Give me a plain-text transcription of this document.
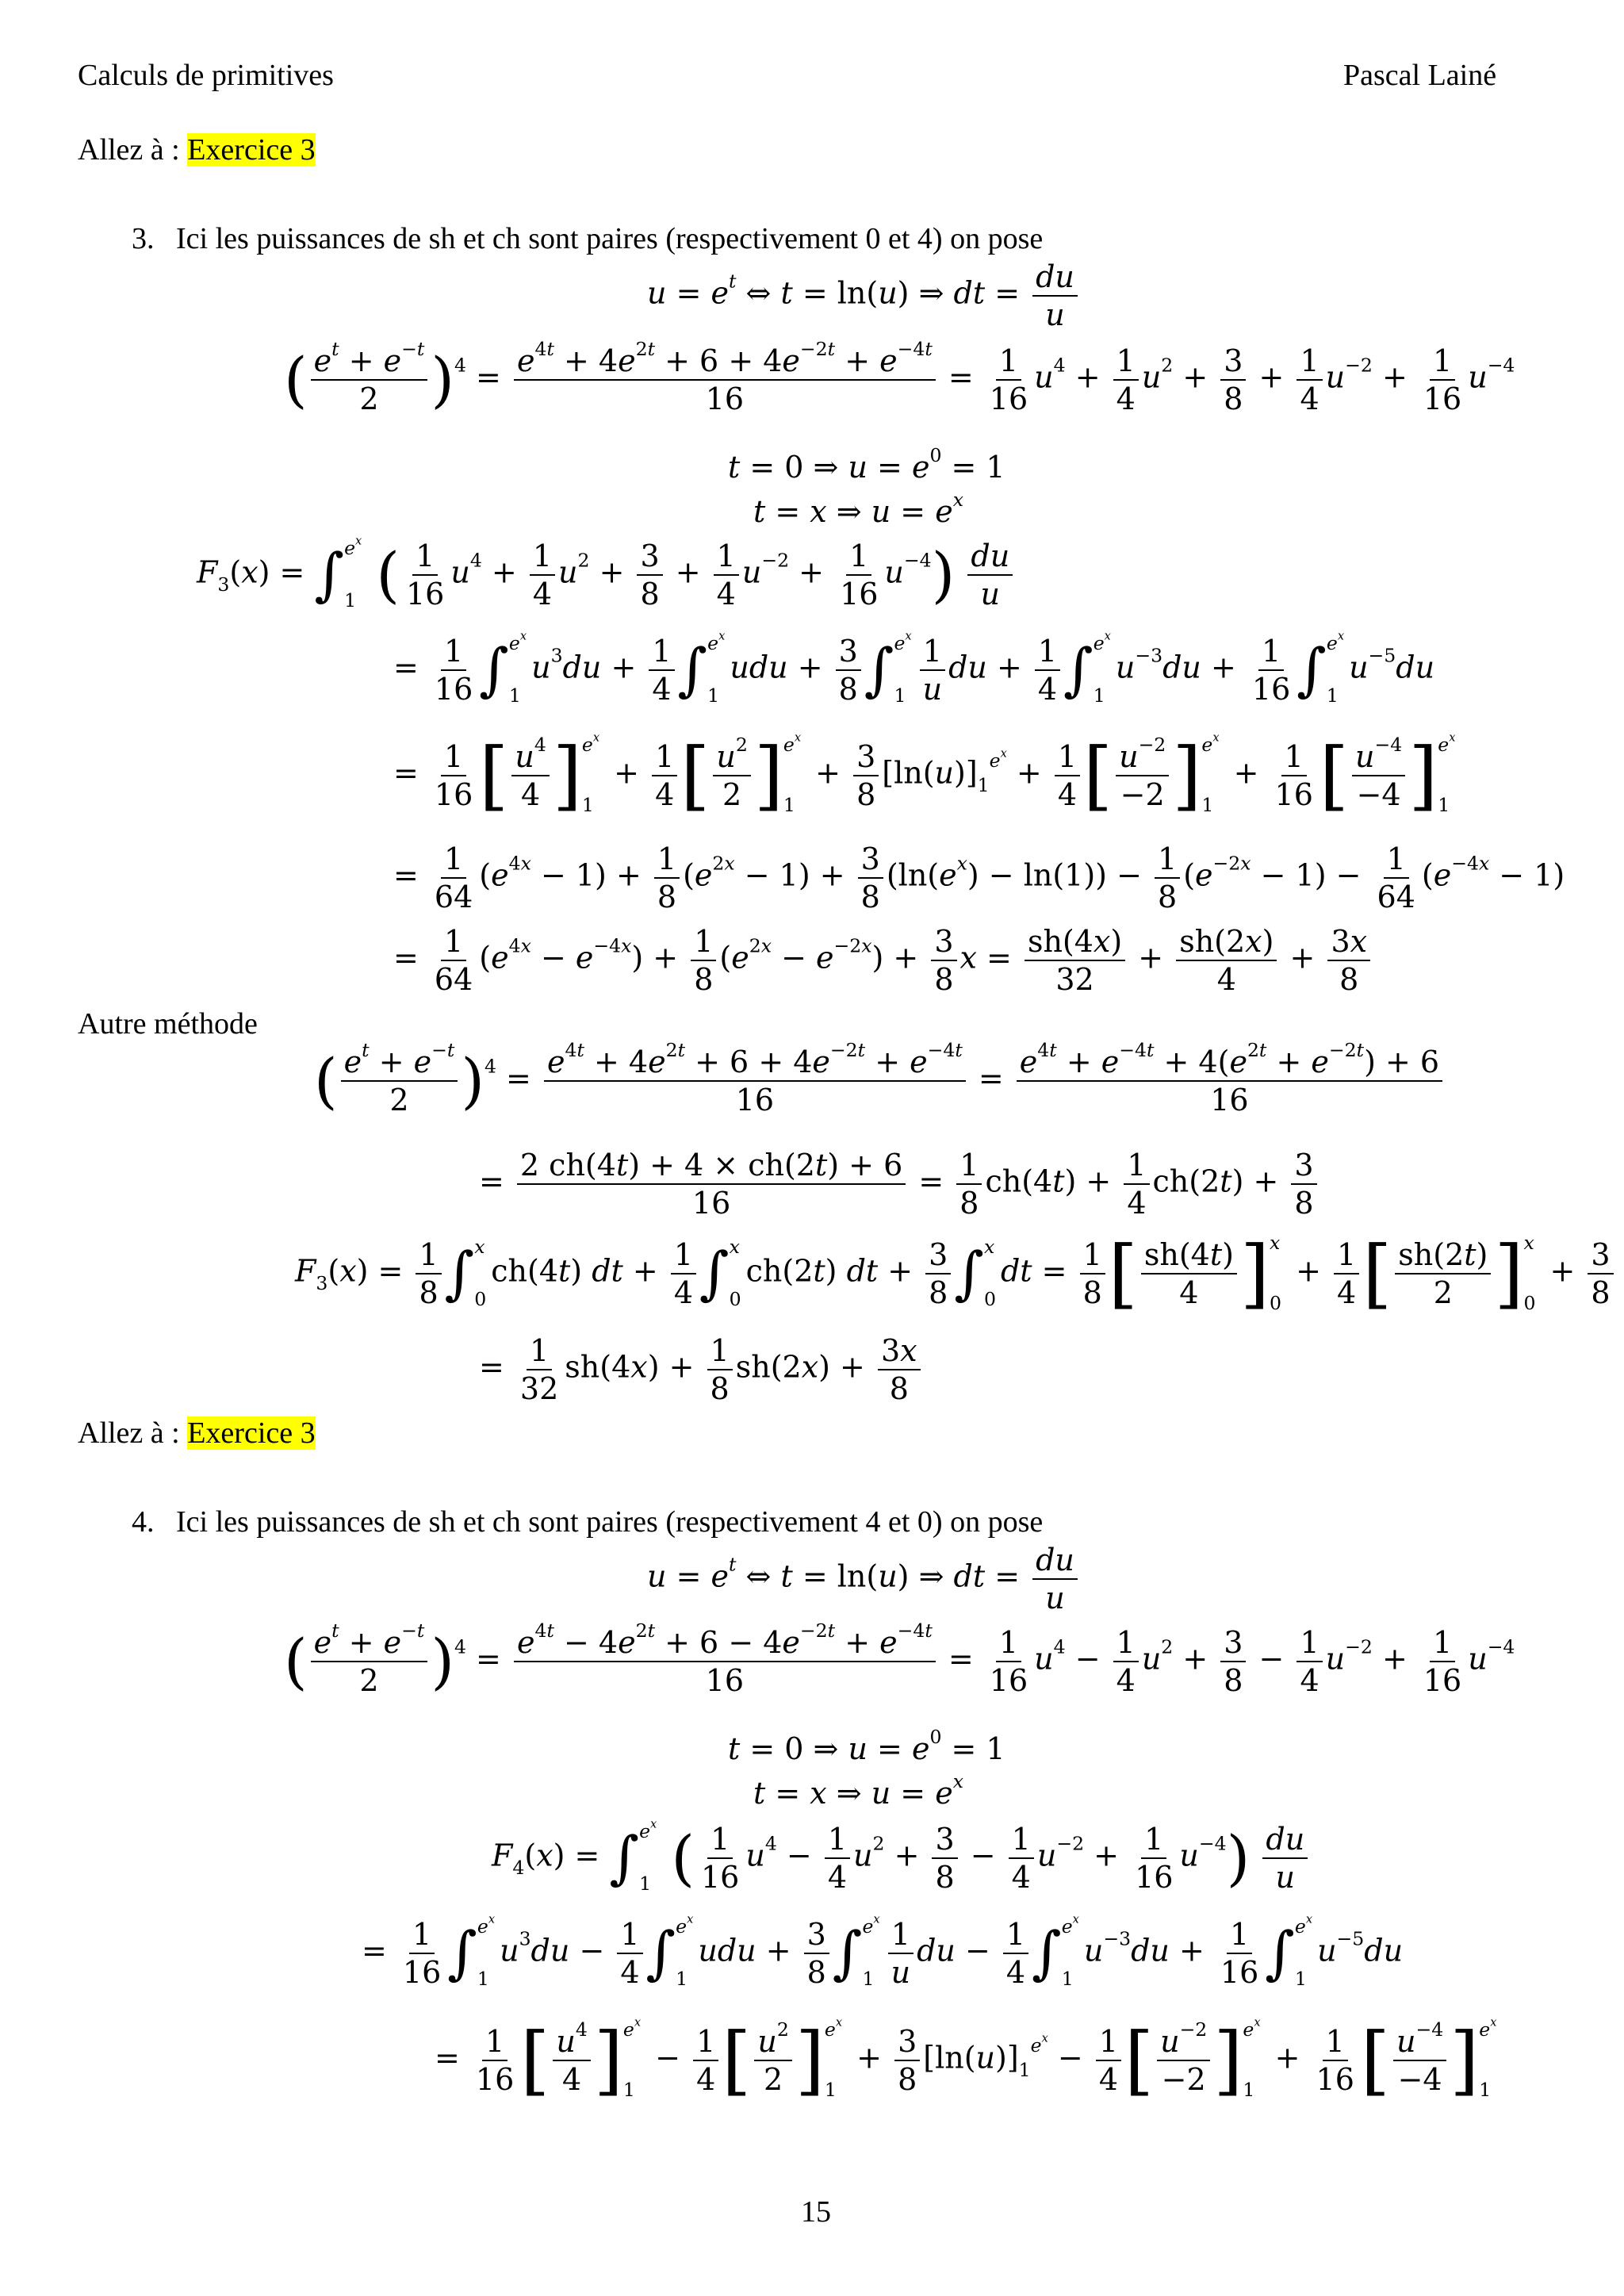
Calculs de primitives	Pascal Lainé
Allez à : Exercice 3
3. Ici les puissances de sh et ch sont paires (respectivement 0 et 4) on pose
$u = e^t$ ⇔ t = ln(u) ⇒ dt = $\frac{du}{u}$
( $\frac{e^t + e^{-t}}{2} )^4 = \frac{e^{4t} + 4e^{2t} + 6 + 4e^{-2t} + e^{-4t}}{16} = \frac{1}{16} u^4 + \frac{1}{4} u^2 + \frac{3}{8} + \frac{1}{4} u^{-2} + \frac{1}{16} u^{-4}$
t = 0 ⇒ $u = e^0 = 1$
t = x ⇒ $u = e^x$
$F_3(x)$ = ∫ $e^x$
1 ( $\frac{1}{16} u^4 + \frac{1}{4} u^2 + \frac{3}{8} + \frac{1}{4} u^{-2} + \frac{1}{16} u^{-4}) \frac{du}{u}$
= $\frac{1}{16}$ ∫ $e^x$
1
$u^3du + \frac{1}{4}$ ∫ $e^x$
1
udu + $\frac{3}{8}$ ∫ $e^x$
$1 \frac{1}{u}$ du + $\frac{1}{4}$ ∫ $e^x$
1
$u^{-3}du + \frac{1}{16}$ ∫ $e^x$
1
$u^{-5}du$
= $\frac{1}{16}$ [ $\frac{u^4}{4}$ ] $e^x$
1
+ $\frac{1}{4}$ [ $\frac{u^2}{2}$ ] $e^x$
1
+ $\frac{3}{8} [\ln(u)]_1^{e^x} + \frac{1}{4}$ [ $\frac{u^{-2}}{-2}$ ] $e^x$
1
+ $\frac{1}{16}$ [ $\frac{u^{-4}}{-4}$ ] $e^x$
1
= $\frac{1}{64} (e^{4x} - 1) + \frac{1}{8} (e^{2x} - 1) + \frac{3}{8} (\ln(e^x) - \ln(1)) - \frac{1}{8} (e^{-2x} - 1) - \frac{1}{64} (e^{-4x} - 1)$
= $\frac{1}{64} (e^{4x} - e^{-4x}) + \frac{1}{8} (e^{2x} - e^{-2x}) + \frac{3}{8}$ $x = \frac{sh(4x)}{32} + \frac{sh(2x)}{4} + \frac{3x}{8}$
Autre méthode
( $\frac{e^t + e^{-t}}{2} )^4 = \frac{e^{4t} + 4e^{2t} + 6 + 4e^{-2t} + e^{-4t}}{16} = \frac{e^{4t} + e^{-4t} + 4(e^{2t} + e^{-2t}) + 6}{16}$
= $\frac{2 ch(4t) + 4 \times ch(2t) + 6}{16} = \frac{1}{8} ch(4t) + \frac{1}{4} ch(2t) + \frac{3}{8}$
$F_3(x) = \frac{1}{8}$ ∫ x
0
ch(4t) dt + $\frac{1}{4}$ ∫ x
0
ch(2t) dt + $\frac{3}{8}$ ∫ x
0
dt = $\frac{1}{8}$ [ $\frac{sh(4t)}{4}$ ] x
0
+ $\frac{1}{4}$ [ $\frac{sh(2t)}{2}$ ] x
0
+ $\frac{3}{8}$
= $\frac{1}{32} sh(4x) + \frac{1}{8} sh(2x) + \frac{3x}{8}$
Allez à : Exercice 3
4. Ici les puissances de sh et ch sont paires (respectivement 4 et 0) on pose
$u = e^t$ ⇔ t = ln(u) ⇒ dt = $\frac{du}{u}$
( $\frac{e^t + e^{-t}}{2} )^4 = \frac{e^{4t} - 4e^{2t} + 6 - 4e^{-2t} + e^{-4t}}{16} = \frac{1}{16} u^4 - \frac{1}{4} u^2 + \frac{3}{8} - \frac{1}{4} u^{-2} + \frac{1}{16} u^{-4}$
t = 0 ⇒ $u = e^0 = 1$
t = x ⇒ $u = e^x$
$F_4(x)$ = ∫ $e^x$
1 ( $\frac{1}{16} u^4 - \frac{1}{4} u^2 + \frac{3}{8} - \frac{1}{4} u^{-2} + \frac{1}{16} u^{-4}) \frac{du}{u}$
= $\frac{1}{16}$ ∫ $e^x$
1
$u^3du - \frac{1}{4}$ ∫ $e^x$
1
udu + $\frac{3}{8}$ ∫ $e^x$
$1 \frac{1}{u}$ du − $\frac{1}{4}$ ∫ $e^x$
1
$u^{-3}du + \frac{1}{16}$ ∫ $e^x$
1
$u^{-5}du$
= $\frac{1}{16}$ [ $\frac{u^4}{4}$ ] $e^x$
1
− $\frac{1}{4}$ [ $\frac{u^2}{2}$ ] $e^x$
1
+ $\frac{3}{8} [\ln(u)]_1^{e^x} - \frac{1}{4}$ [ $\frac{u^{-2}}{-2}$ ] $e^x$
1
+ $\frac{1}{16}$ [ $\frac{u^{-4}}{-4}$ ] $e^x$
1
15
